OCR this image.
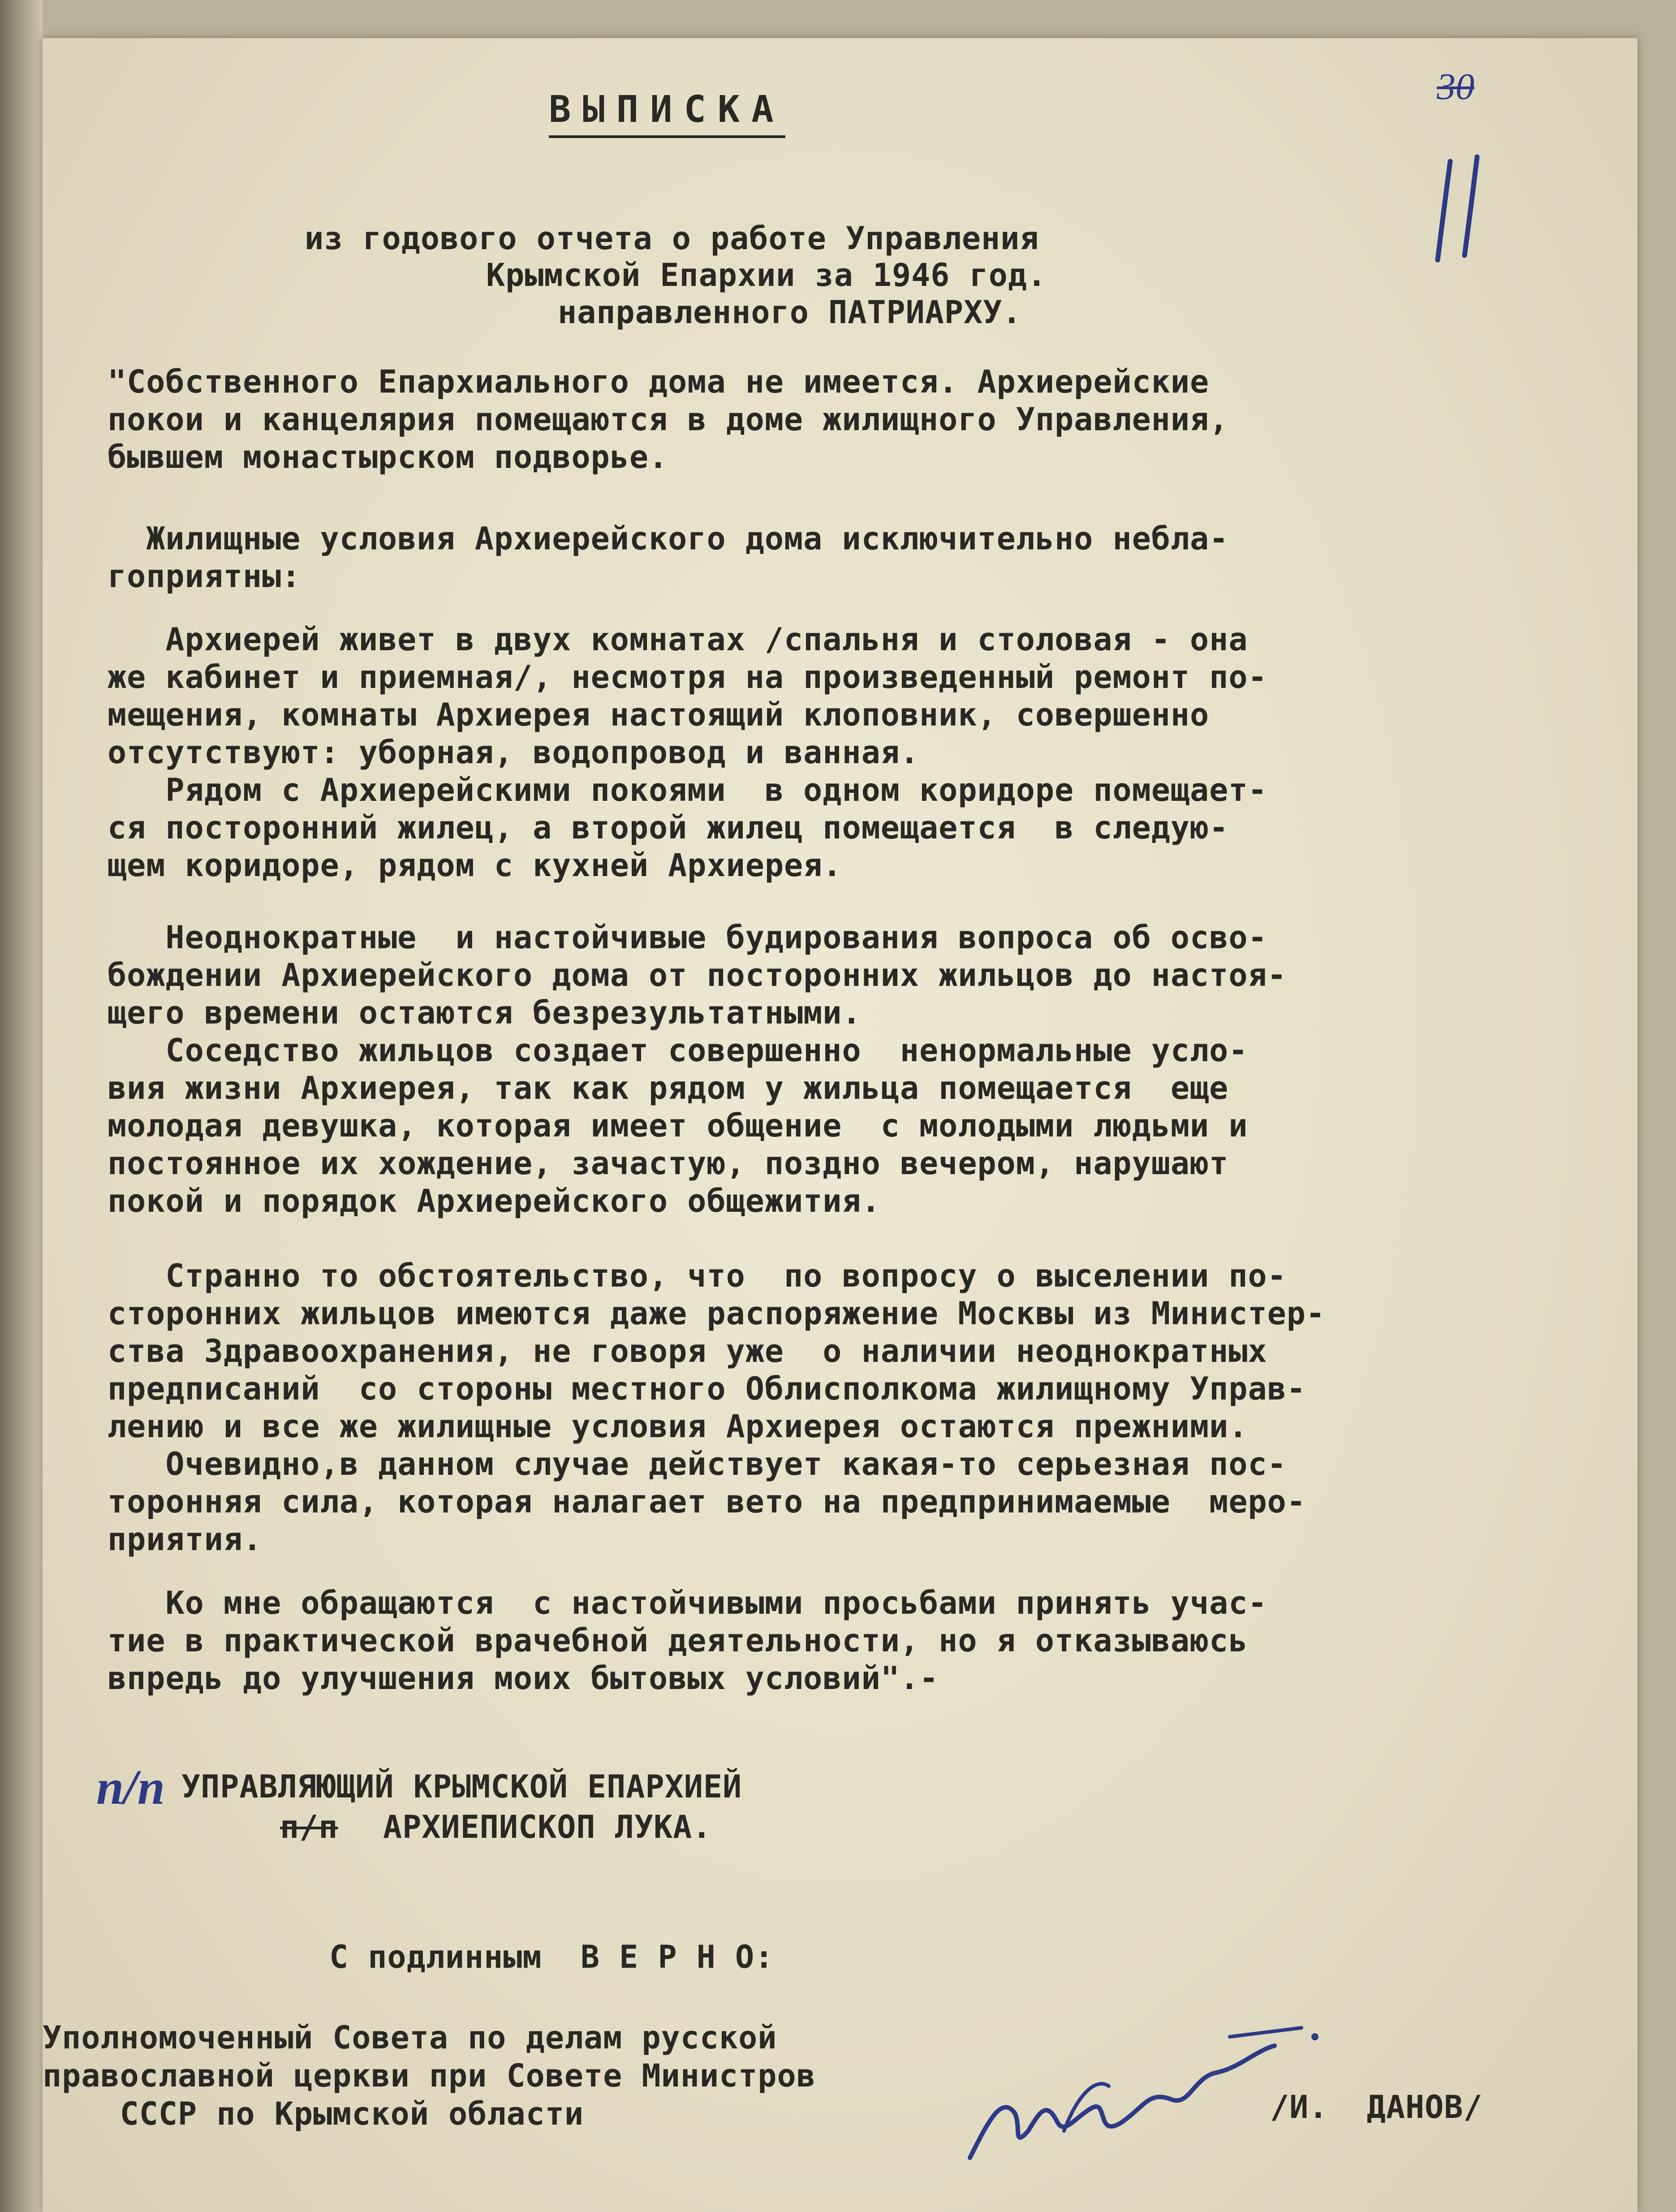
30
ВЫПИСКА
из годового отчета о работе Управления
Крымской Епархии за 1946 год.
направленного ПАТРИАРХУ.
"Собственного Епархиального дома не имеется. Архиерейские
покои и канцелярия помещаются в доме жилищного Управления,
бывшем монастырском подворье.
Жилищные условия Архиерейского дома исключительно небла-
гоприятны:
Архиерей живет в двух комнатах /спальня и столовая - она
же кабинет и приемная/, несмотря на произведенный ремонт по-
мещения, комнаты Архиерея настоящий клоповник, совершенно
отсутствуют: уборная, водопровод и ванная.
Рядом с Архиерейскими покоями  в одном коридоре помещает-
ся посторонний жилец, а второй жилец помещается  в следую-
щем коридоре, рядом с кухней Архиерея.
Неоднократные  и настойчивые будирования вопроса об осво-
бождении Архиерейского дома от посторонних жильцов до настоя-
щего времени остаются безрезультатными.
Соседство жильцов создает совершенно  ненормальные усло-
вия жизни Архиерея, так как рядом у жильца помещается  еще
молодая девушка, которая имеет общение  с молодыми людьми и
постоянное их хождение, зачастую, поздно вечером, нарушают
покой и порядок Архиерейского общежития.
Странно то обстоятельство, что  по вопросу о выселении по-
сторонних жильцов имеются даже распоряжение Москвы из Министер-
ства Здравоохранения, не говоря уже  о наличии неоднократных
предписаний  со стороны местного Облисполкома жилищному Управ-
лению и все же жилищные условия Архиерея остаются прежними.
Очевидно,в данном случае действует какая-то серьезная пос-
торонняя сила, которая налагает вето на предпринимаемые  меро-
приятия.
Ко мне обращаются  с настойчивыми просьбами принять учас-
тие в практической врачебной деятельности, но я отказываюсь
впредь до улучшения моих бытовых условий".-
п/п УПРАВЛЯЮЩИЙ КРЫМСКОЙ ЕПАРХИЕЙ
п/п АРХИЕПИСКОП ЛУКА.
С подлинным  В Е Р Н О:
Уполномоченный Совета по делам русской
православной церкви при Совете Министров
СССР по Крымской области	/И.  ДАНОВ/
